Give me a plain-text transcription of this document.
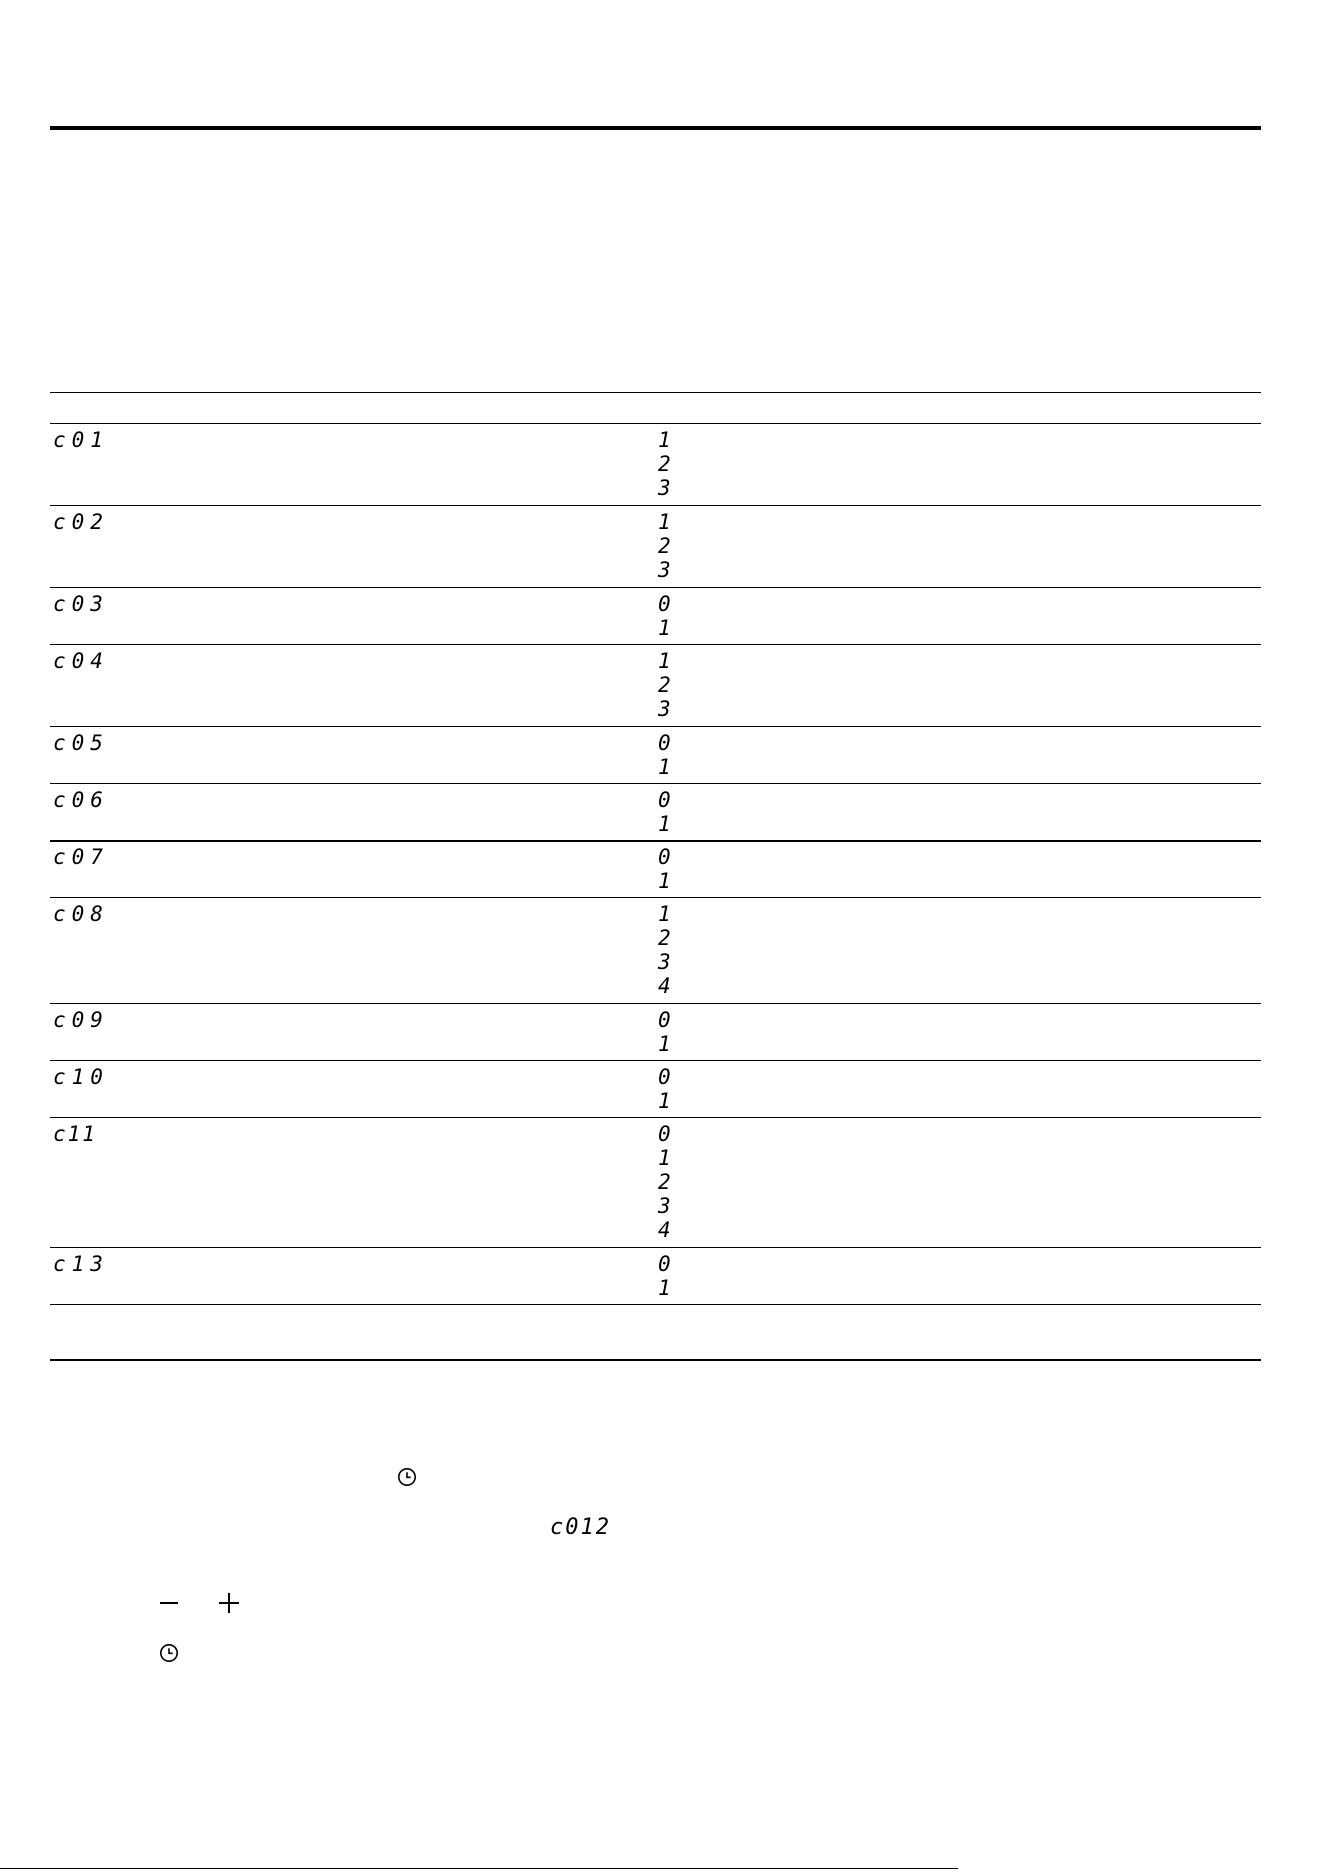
c01	1
2
3
c02	1
2
3
c03	0
1
c04	1
2
3
c05	0
1
c06	0
1
c07	0
1
c08	1
2
3
4
c09	0
1
c10	0
1
c11	0
1
2
3
4
c13	0
1
c012
